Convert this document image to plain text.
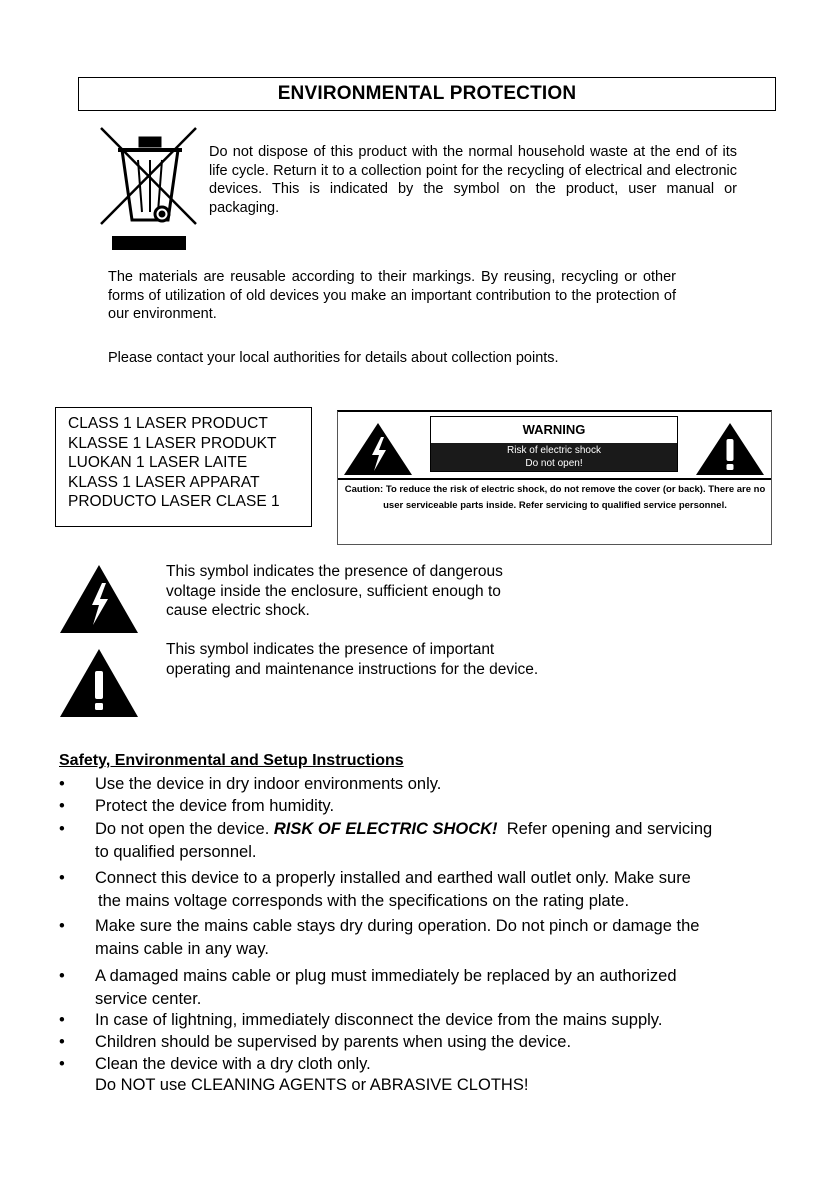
ENVIRONMENTAL PROTECTION
Do not dispose of this product with the normal household waste at the end of its life cycle. Return it to a collection point for the recycling of electrical and electronic devices. This is indicated by the symbol on the product, user manual or packaging.
The materials are reusable according to their markings. By reusing, recycling or other forms of utilization of old devices you make an important contribution to the protection of our environment.
Please contact your local authorities for details about collection points.
CLASS 1 LASER PRODUCT
KLASSE 1 LASER PRODUKT
LUOKAN 1 LASER LAITE
KLASS 1 LASER APPARAT
PRODUCTO LASER CLASE 1
WARNING
Risk of electric shock
Do not open!
Caution: To reduce the risk of electric shock, do not remove the cover (or back). There are no user serviceable parts inside. Refer servicing to qualified service personnel.
This symbol indicates the presence of dangerous voltage inside the enclosure, sufficient enough to cause electric shock.
This symbol indicates the presence of important operating and maintenance instructions for the device.
Safety, Environmental and Setup Instructions
• Use the device in dry indoor environments only.
• Protect the device from humidity.
• Do not open the device. RISK OF ELECTRIC SHOCK!  Refer opening and servicing
to qualified personnel.
• Connect this device to a properly installed and earthed wall outlet only. Make sure
the mains voltage corresponds with the specifications on the rating plate.
• Make sure the mains cable stays dry during operation. Do not pinch or damage the
mains cable in any way.
• A damaged mains cable or plug must immediately be replaced by an authorized
service center.
• In case of lightning, immediately disconnect the device from the mains supply.
• Children should be supervised by parents when using the device.
• Clean the device with a dry cloth only.
Do NOT use CLEANING AGENTS or ABRASIVE CLOTHS!
